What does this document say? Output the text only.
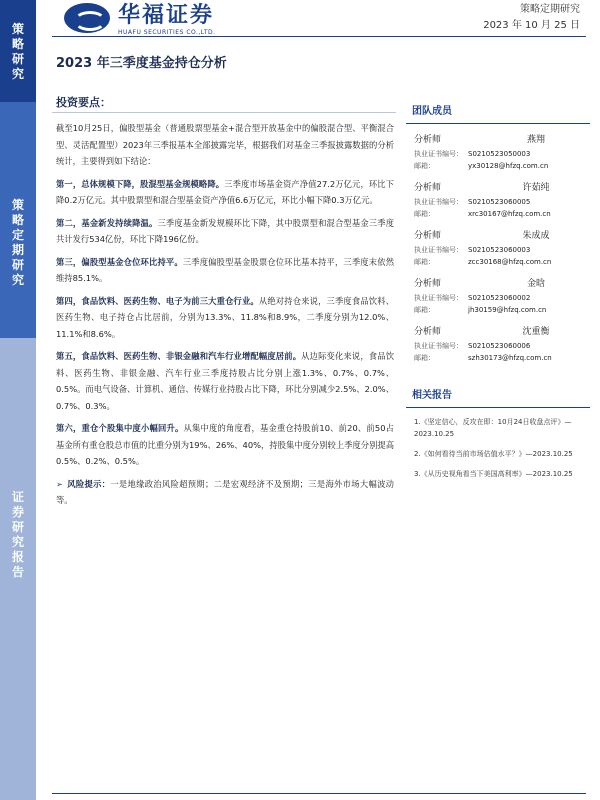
策略研究
策略定期研究
证券研究报告
华福证券
HUAFU SECURITIES CO.,LTD.
策略定期研究
2023 年 10 月 25 日
2023 年三季度基金持仓分析
投资要点：

截至10月25日，偏股型基金（普通股票型基金+混合型开放基金中的偏股混合型、平衡混合型、灵活配置型）2023年三季报基本全部披露完毕，根据我们对基金三季报披露数据的分析统计，主要得到如下结论：

第一，总体规模下降，股混型基金规模略降。三季度市场基金资产净值27.2万亿元，环比下降0.2万亿元。其中股票型和混合型基金资产净值6.6万亿元，环比小幅下降0.3万亿元。

第二，基金新发持续降温。三季度基金新发规模环比下降，其中股票型和混合型基金三季度共计发行534亿份，环比下降196亿份。

第三，偏股型基金仓位环比持平。三季度偏股型基金股票仓位环比基本持平，三季度末依然维持85.1%。

第四，食品饮料、医药生物、电子为前三大重仓行业。从绝对持仓来说，三季度食品饮料、医药生物、电子持仓占比居前，分别为13.3%、11.8%和8.9%，二季度分别为12.0%、11.1%和8.6%。

第五，食品饮料、医药生物、非银金融和汽车行业增配幅度居前。从边际变化来说，食品饮料、医药生物、非银金融、汽车行业三季度持股占比分别上涨1.3%、0.7%、0.7%、0.5%。而电气设备、计算机、通信、传媒行业持股占比下降，环比分别减少2.5%、2.0%、0.7%、0.3%。

第六，重仓个股集中度小幅回升。从集中度的角度看，基金重仓持股前10、前20、前50占基金所有重仓股总市值的比重分别为19%、26%、40%，持股集中度分别较上季度分别提高0.5%、0.2%、0.5%。

➢ 风险提示：一是地缘政治风险超预期；二是宏观经济不及预期；三是海外市场大幅波动等。

团队成员
分析师	燕翔
执业证书编号： S0210523050003
邮箱：	yx30128@hfzq.com.cn
分析师	许茹纯
执业证书编号： S0210523060005
邮箱：	xrc30167@hfzq.com.cn
分析师	朱成成
执业证书编号： S0210523060003
邮箱：	zcc30168@hfzq.com.cn
分析师	金晗
执业证书编号： S0210523060002
邮箱：	jh30159@hfzq.com.cn
分析师	沈重衡
执业证书编号： S0210523060006
邮箱：	szh30173@hfzq.com.cn
相关报告
1.《坚定信心，反攻在即：10月24日收盘点评》—2023.10.25
2.《如何看待当前市场估值水平？》—2023.10.25
3.《从历史视角看当下美国高利率》—2023.10.25
